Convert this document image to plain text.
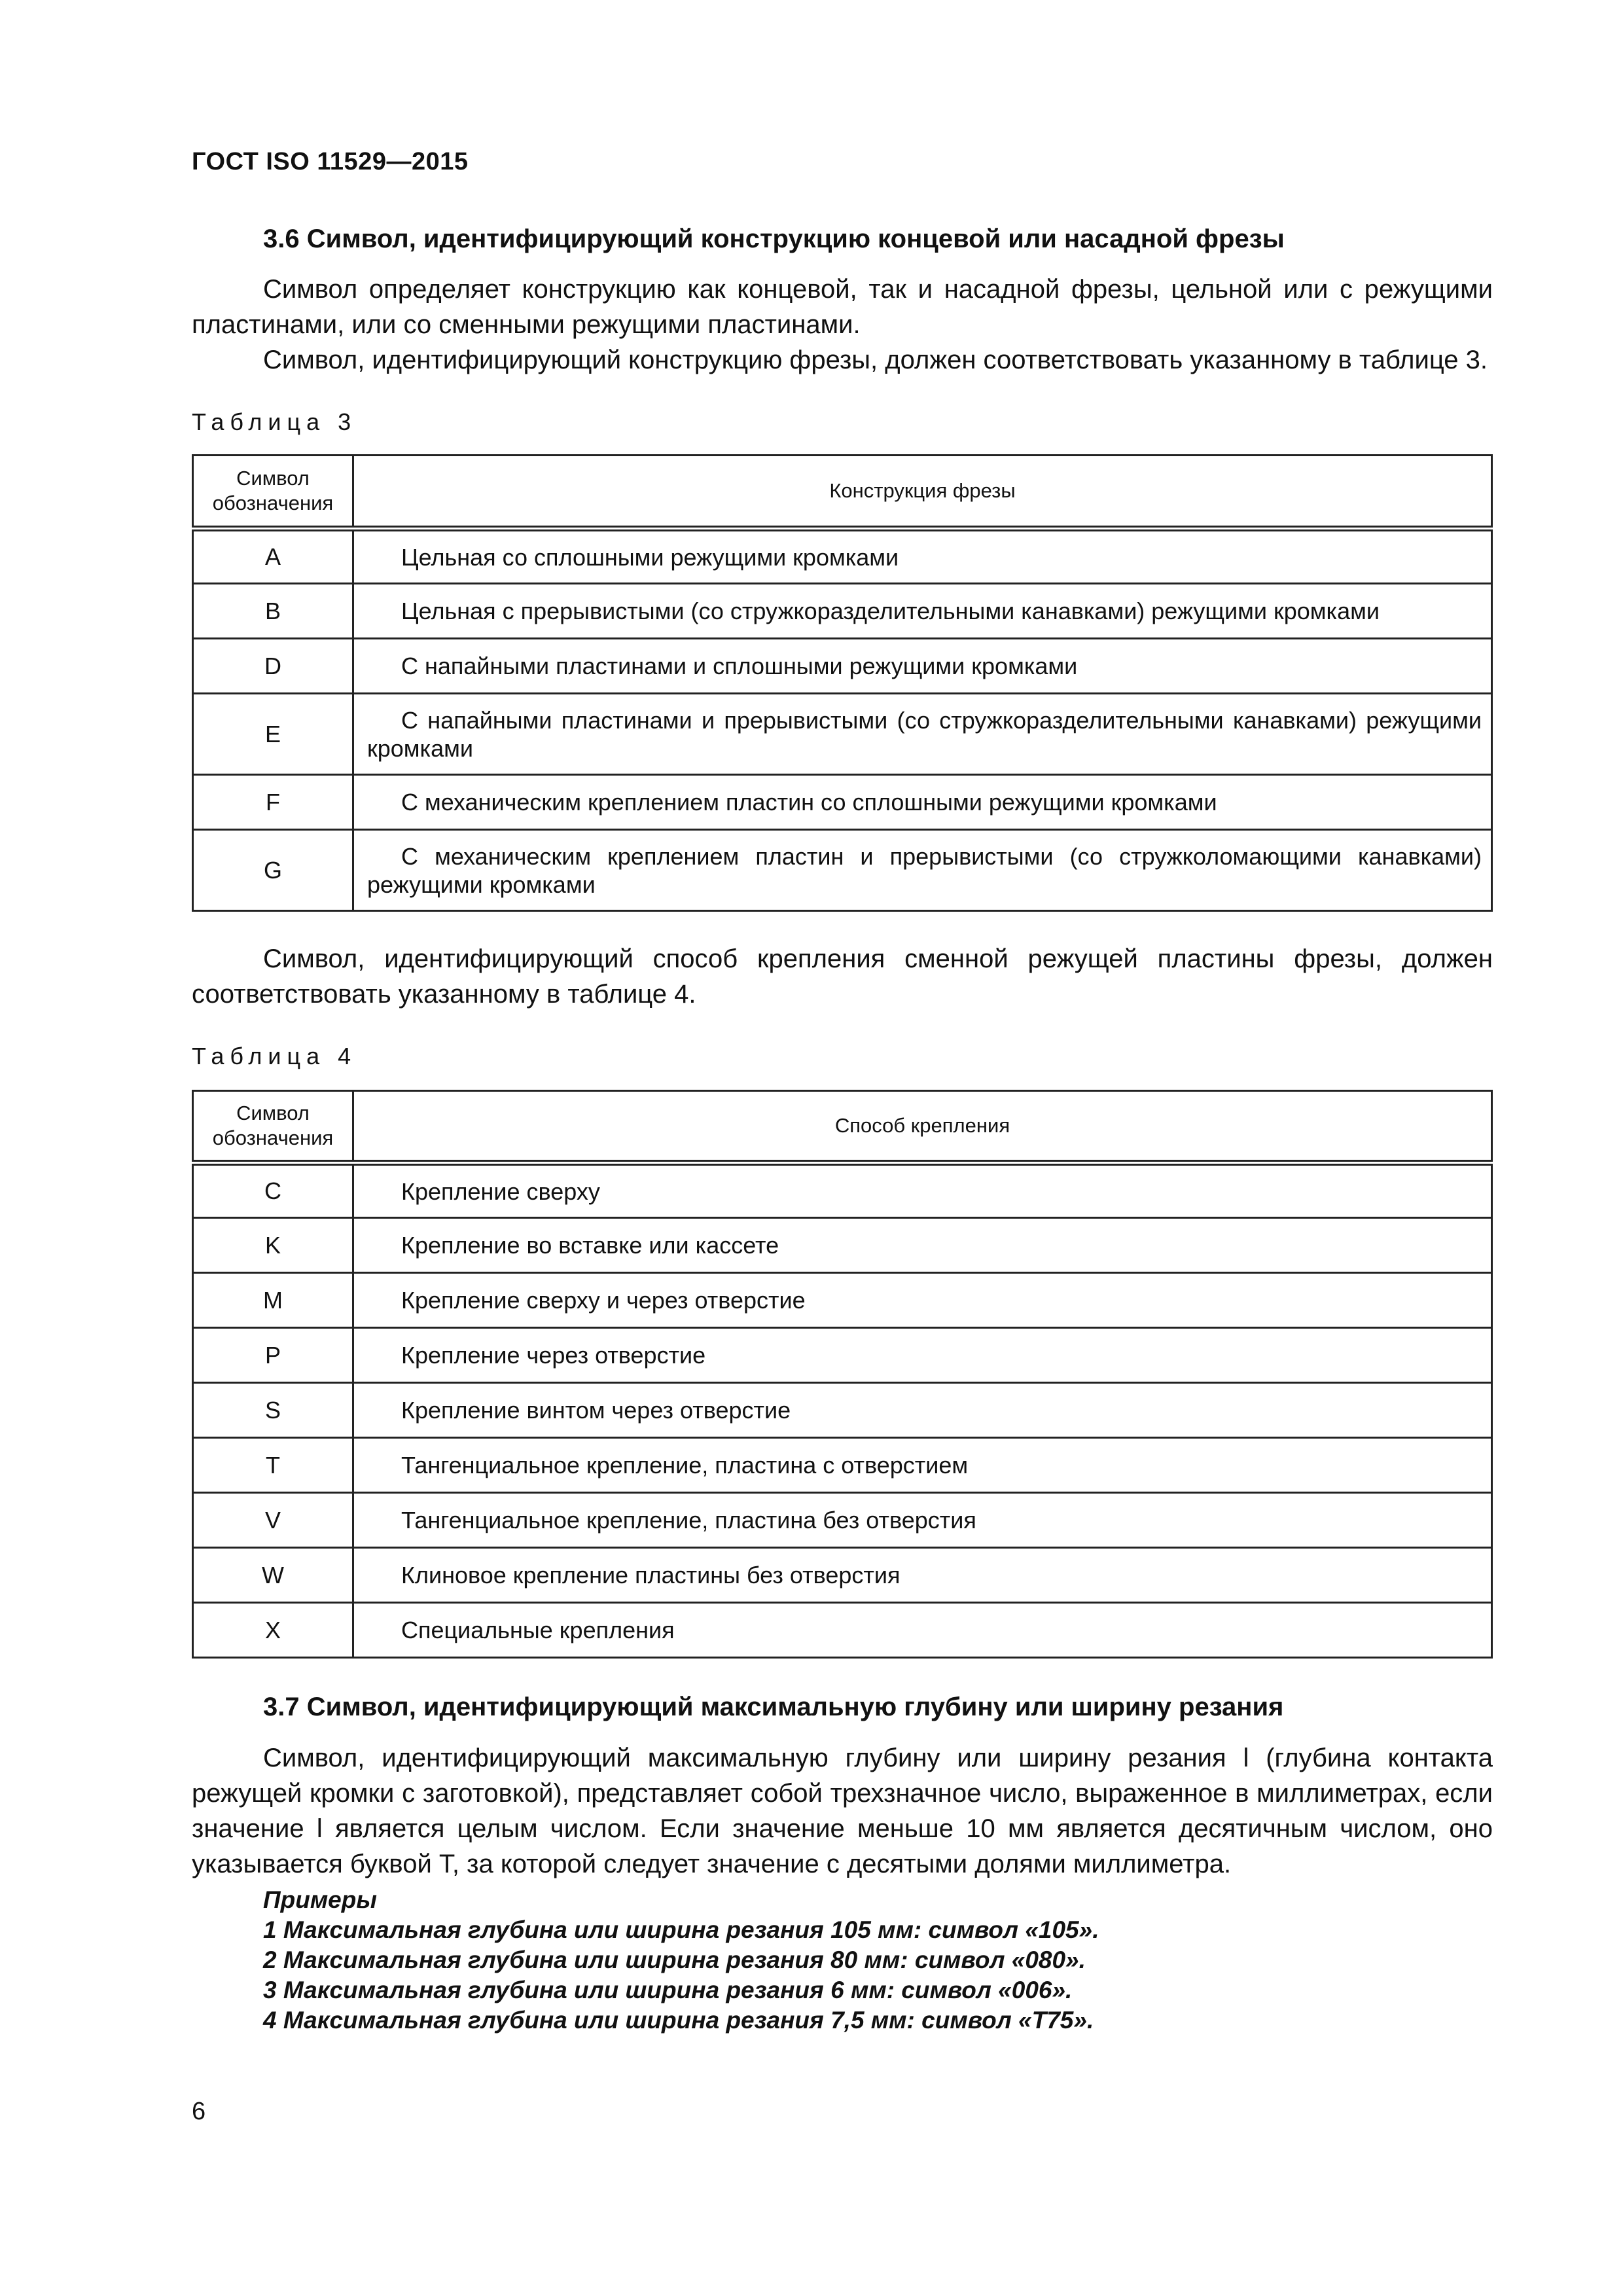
ГОСТ ISO 11529—2015
3.6 Символ, идентифицирующий конструкцию концевой или насадной фрезы
Символ определяет конструкцию как концевой, так и насадной фрезы, цельной или с режущими пластинами, или со сменными режущими пластинами.
Символ, идентифицирующий конструкцию фрезы, должен соответствовать указанному в таблице 3.
Таблица 3
Символ обозначения	Конструкция фрезы
A	Цельная со сплошными режущими кромками
B	Цельная с прерывистыми (со стружкоразделительными канавками) режущими кромками
D	С напайными пластинами и сплошными режущими кромками
E	С напайными пластинами и прерывистыми (со стружкоразделительными канавками) режущими кромками
F	С механическим креплением пластин со сплошными режущими кромками
G	С механическим креплением пластин и прерывистыми (со стружколомающими канавками) режущими кромками
Символ, идентифицирующий способ крепления сменной режущей пластины фрезы, должен соответствовать указанному в таблице 4.
Таблица 4
Символ обозначения	Способ крепления
C	Крепление сверху
K	Крепление во вставке или кассете
M	Крепление сверху и через отверстие
P	Крепление через отверстие
S	Крепление винтом через отверстие
T	Тангенциальное крепление, пластина с отверстием
V	Тангенциальное крепление, пластина без отверстия
W	Клиновое крепление пластины без отверстия
X	Специальные крепления
3.7 Символ, идентифицирующий максимальную глубину или ширину резания
Символ, идентифицирующий максимальную глубину или ширину резания l (глубина контакта режущей кромки с заготовкой), представляет собой трехзначное число, выраженное в миллиметрах, если значение l является целым числом. Если значение меньше 10 мм является десятичным числом, оно указывается буквой T, за которой следует значение с десятыми долями миллиметра.
Примеры
1 Максимальная глубина или ширина резания 105 мм: символ «105».
2 Максимальная глубина или ширина резания 80 мм: символ «080».
3 Максимальная глубина или ширина резания 6 мм: символ «006».
4 Максимальная глубина или ширина резания 7,5 мм: символ «T75».
6
